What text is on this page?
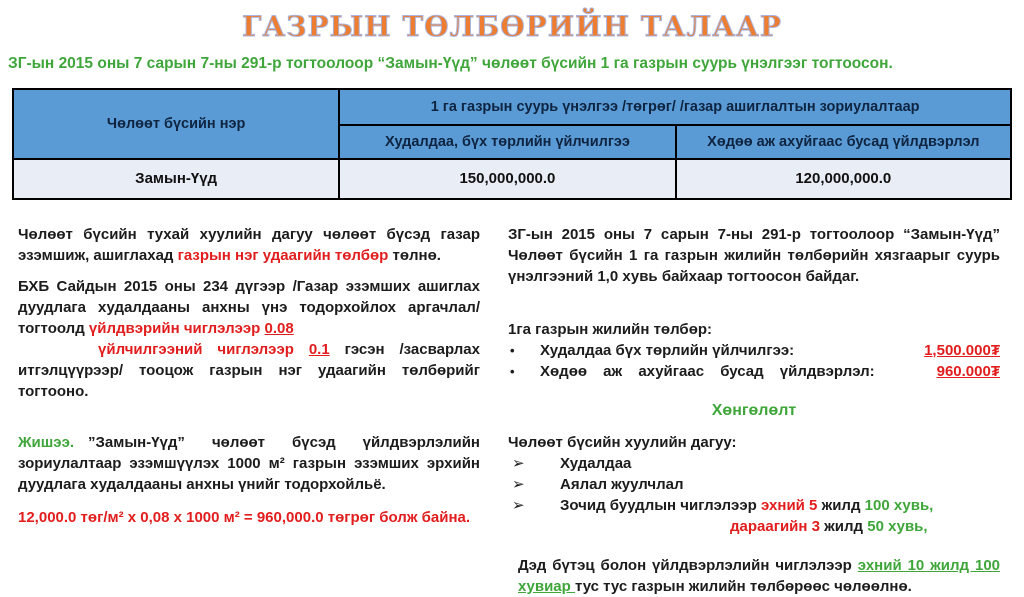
ГАЗРЫН ТӨЛБӨРИЙН ТАЛААР
ЗГ-ын 2015 оны 7 сарын 7-ны 291-р тогтоолоор “Замын-Үүд” чөлөөт бүсийн 1 га газрын суурь үнэлгээг тогтоосон.
Чөлөөт бүсийн нэр	1 га газрын суурь үнэлгээ /төгрөг/ /газар ашиглалтын зориулалтаар	
	Худалдаа, бүх төрлийн үйлчилгээ	Хөдөө аж ахуйгаас бусад үйлдвэрлэл
Замын-Үүд	150,000,000.0	120,000,000.0

Чөлөөт бүсийн тухай хуулийн дагуу чөлөөт бүсэд газар эзэмшиж, ашиглахад газрын нэг удаагийн төлбөр төлнө.

БХБ Сайдын 2015 оны 234 дүгээр /Газар эзэмших ашиглах дуудлага худалдааны анхны үнэ тодорхойлох аргачлал/ тогтоолд үйлдвэрийн чиглэлээр 0.08
үйлчилгээний чиглэлээр 0.1 гэсэн /засварлах итгэлцүүрээр/ тооцож газрын нэг удаагийн төлбөрийг тогтооно.

Жишээ. ”Замын-Үүд” чөлөөт бүсэд үйлдвэрлэлийн зориулалтаар эзэмшүүлэх 1000 м² газрын эзэмших эрхийн дуудлага худалдааны анхны үнийг тодорхойльё.

12,000.0 төг/м² х 0,08 х 1000 м² = 960,000.0 төгрөг болж байна.

ЗГ-ын 2015 оны 7 сарын 7-ны 291-р тогтоолоор “Замын-Үүд” Чөлөөт бүсийн 1 га газрын жилийн төлбөрийн хязгаарыг суурь үнэлгээний 1,0 хувь байхаар тогтоосон байдаг.

1га газрын жилийн төлбөр:
•	Худалдаа бүх төрлийн үйлчилгээ:	1,500.000₮
•	Хөдөө аж ахуйгаас бусад үйлдвэрлэл:	960.000₮
Хөнгөлөлт
Чөлөөт бүсийн хуулийн дагуу:
➢	Худалдаа
➢	Аялал жуулчлал
➢	Зочид буудлын чиглэлээр эхний 5 жилд 100 хувь,
дараагийн 3 жилд 50 хувь,

Дэд бүтэц болон үйлдвэрлэлийн чиглэлээр эхний 10 жилд 100 хувиар тус тус газрын жилийн төлбөрөөс чөлөөлнө.
